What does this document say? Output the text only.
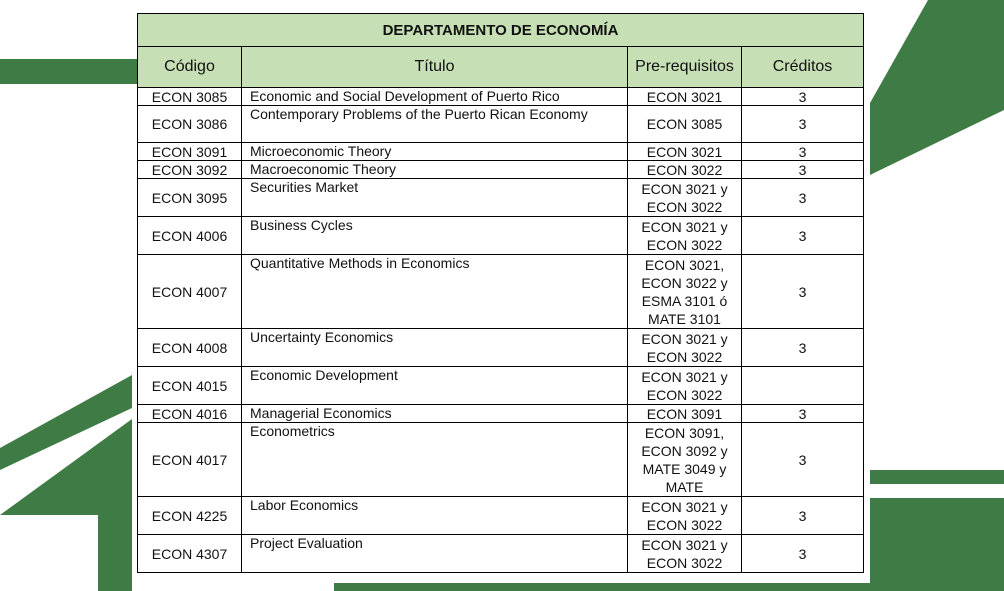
DEPARTAMENTO DE ECONOMÍA			
Código	Título	Pre-requisitos	Créditos
ECON 3085	Economic and Social Development of Puerto Rico	ECON 3021	3
ECON 3086	Contemporary Problems of the Puerto Rican Economy	ECON 3085	3
ECON 3091	Microeconomic Theory	ECON 3021	3
ECON 3092	Macroeconomic Theory	ECON 3022	3
ECON 3095	Securities Market	ECON 3021 y ECON 3022	3
ECON 4006	Business Cycles	ECON 3021 y ECON 3022	3
ECON 4007	Quantitative Methods in Economics	ECON 3021, ECON 3022 y ESMA 3101 ó MATE 3101	3
ECON 4008	Uncertainty Economics	ECON 3021 y ECON 3022	3
ECON 4015	Economic Development	ECON 3021 y ECON 3022	
ECON 4016	Managerial Economics	ECON 3091	3
ECON 4017	Econometrics	ECON 3091, ECON 3092 y MATE 3049 y MATE	3
ECON 4225	Labor Economics	ECON 3021 y ECON 3022	3
ECON 4307	Project Evaluation	ECON 3021 y ECON 3022	3
